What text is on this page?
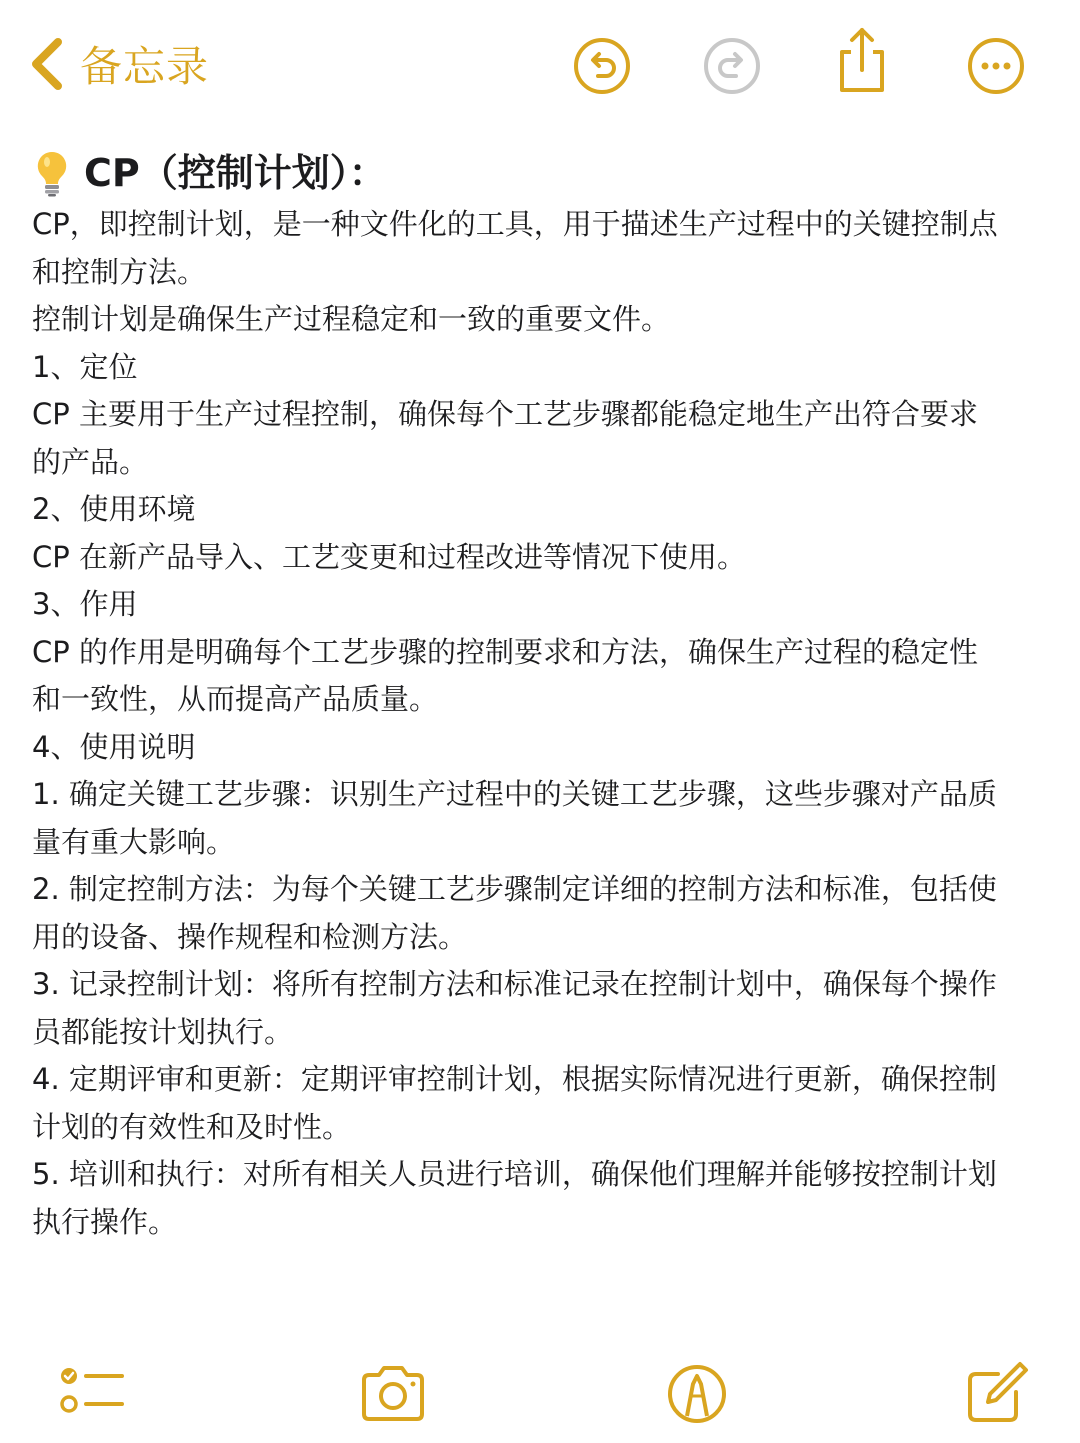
备忘录
CP（控制计划）：

CP，即控制计划，是一种文件化的工具，用于描述生产过程中的关键控制点

和控制方法。

控制计划是确保生产过程稳定和一致的重要文件。

1、定位

CP 主要用于生产过程控制，确保每个工艺步骤都能稳定地生产出符合要求

的产品。

2、使用环境

CP 在新产品导入、工艺变更和过程改进等情况下使用。

3、作用

CP 的作用是明确每个工艺步骤的控制要求和方法，确保生产过程的稳定性

和一致性，从而提高产品质量。

4、使用说明

1. 确定关键工艺步骤：识别生产过程中的关键工艺步骤，这些步骤对产品质

量有重大影响。

2. 制定控制方法：为每个关键工艺步骤制定详细的控制方法和标准，包括使

用的设备、操作规程和检测方法。

3. 记录控制计划：将所有控制方法和标准记录在控制计划中，确保每个操作

员都能按计划执行。

4. 定期评审和更新：定期评审控制计划，根据实际情况进行更新，确保控制

计划的有效性和及时性。

5. 培训和执行：对所有相关人员进行培训，确保他们理解并能够按控制计划

执行操作。
